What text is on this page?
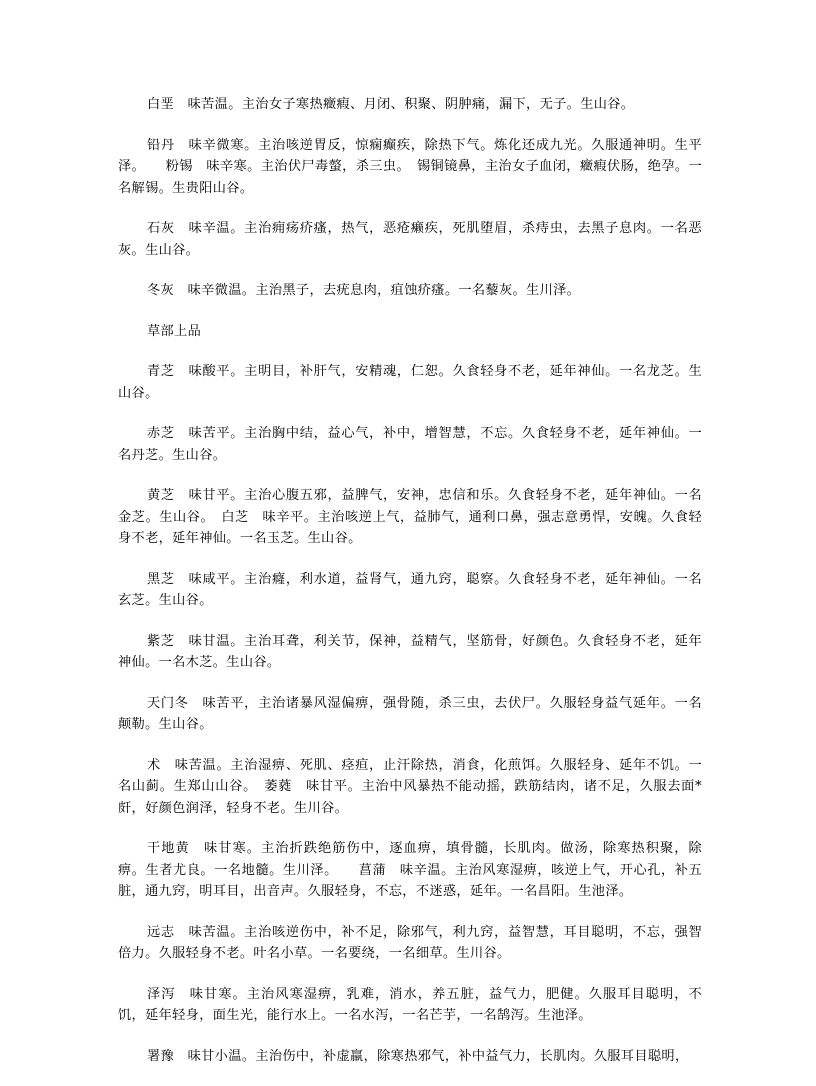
白垩　味苦温。主治女子寒热癥瘕、月闭、积聚、阴肿痛，漏下，无子。生山谷。

铅丹　味辛微寒。主治咳逆胃反，惊痫癫疾，除热下气。炼化还成九光。久服通神明。生平泽。　　粉锡　味辛寒。主治伏尸毒螫，杀三虫。　锡铜镜鼻，主治女子血闭，癥瘕伏肠，绝孕。一名解锡。生贵阳山谷。

石灰　味辛温。主治痈疡疥瘙，热气，恶疮癞疾，死肌堕眉，杀痔虫，去黑子息肉。一名恶灰。生山谷。

冬灰　味辛微温。主治黑子，去疣息肉，疽蚀疥瘙。一名藜灰。生川泽。

草部上品

青芝　味酸平。主明目，补肝气，安精魂，仁恕。久食轻身不老，延年神仙。一名龙芝。生山谷。

赤芝　味苦平。主治胸中结，益心气，补中，增智慧，不忘。久食轻身不老，延年神仙。一名丹芝。生山谷。

黄芝　味甘平。主治心腹五邪，益脾气，安神，忠信和乐。久食轻身不老，延年神仙。一名金芝。生山谷。　白芝　味辛平。主治咳逆上气，益肺气，通利口鼻，强志意勇悍，安魄。久食轻身不老，延年神仙。一名玉芝。生山谷。

黑芝　味咸平。主治癃，利水道，益肾气，通九窍，聪察。久食轻身不老，延年神仙。一名玄芝。生山谷。

紫芝　味甘温。主治耳聋，利关节，保神，益精气，坚筋骨，好颜色。久食轻身不老，延年神仙。一名木芝。生山谷。

天门冬　味苦平，主治诸暴风湿偏痹，强骨随，杀三虫，去伏尸。久服轻身益气延年。一名颠勒。生山谷。

术　味苦温。主治湿痹、死肌、痉疸，止汗除热，消食，化煎饵。久服轻身、延年不饥。一名山蓟。生郑山山谷。　萎蕤　味甘平。主治中风暴热不能动摇，跌筋结肉，诸不足，久服去面*皯，好颜色润泽，轻身不老。生川谷。

干地黄　味甘寒。主治折跌绝筋伤中，逐血痹，填骨髓，长肌肉。做汤，除寒热积聚，除痹。生者尤良。一名地髓。生川泽。　　菖蒲　味辛温。主治风寒湿痹，咳逆上气，开心孔，补五脏，通九窍，明耳目，出音声。久服轻身，不忘，不迷惑，延年。一名昌阳。生池泽。

远志　味苦温。主治咳逆伤中，补不足，除邪气，利九窍，益智慧，耳目聪明，不忘，强智倍力。久服轻身不老。叶名小草。一名要绕，一名细草。生川谷。

泽泻　味甘寒。主治风寒湿痹，乳难，消水，养五脏，益气力，肥健。久服耳目聪明，不饥，延年轻身，面生光，能行水上。一名水泻，一名芒芋，一名鹄泻。生池泽。

署豫　味甘小温。主治伤中，补虚羸，除寒热邪气，补中益气力，长肌肉。久服耳目聪明，
